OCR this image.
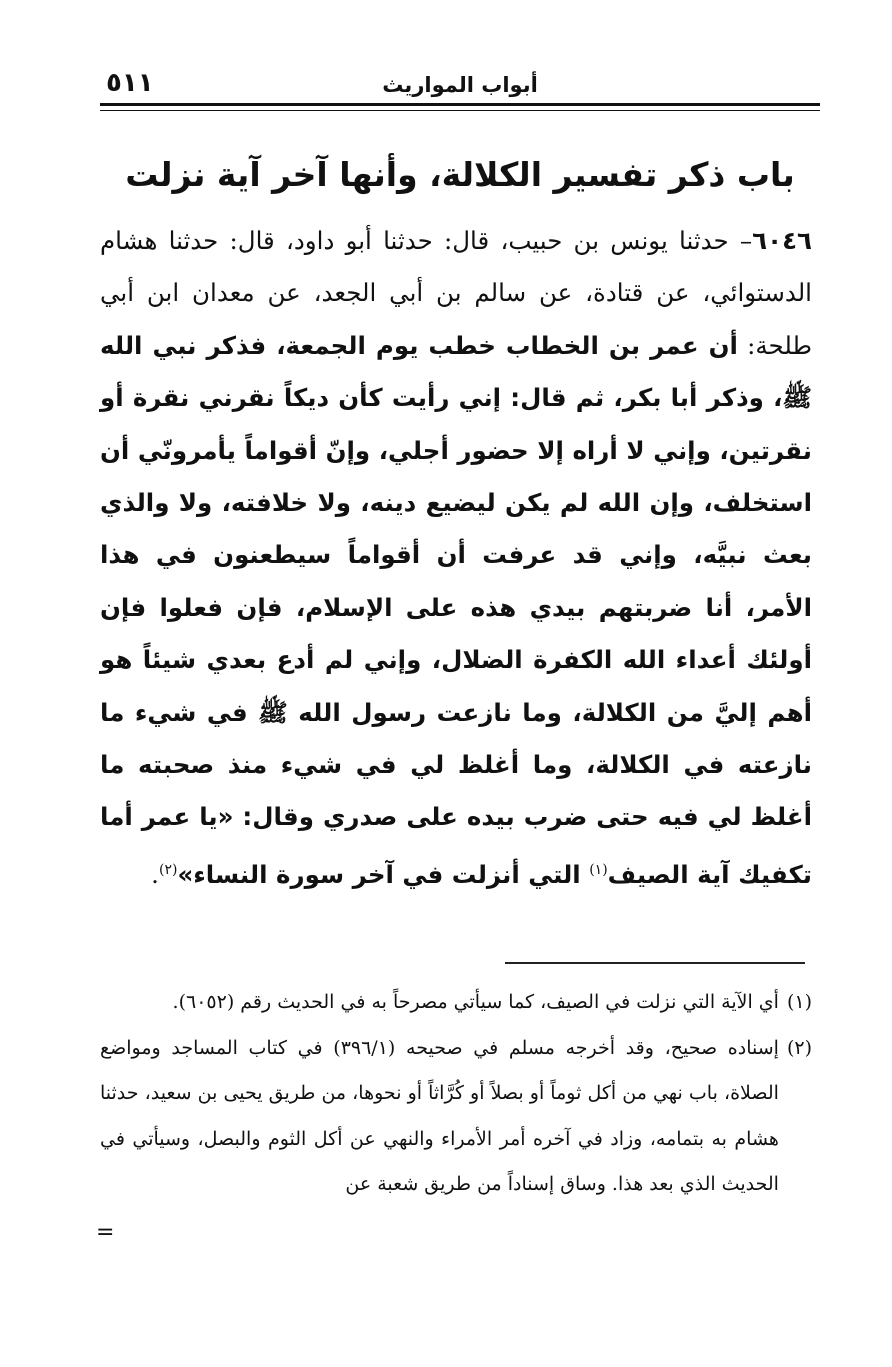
أبواب المواريث
٥١١
باب ذكر تفسير الكلالة، وأنها آخر آية نزلت
٦٠٤٦– حدثنا يونس بن حبيب، قال: حدثنا أبو داود، قال: حدثنا هشام الدستوائي، عن قتادة، عن سالم بن أبي الجعد، عن معدان ابن أبي طلحة: أن عمر بن الخطاب خطب يوم الجمعة، فذكر نبي الله ﷺ، وذكر أبا بكر، ثم قال: إني رأيت كأن ديكاً نقرني نقرة أو نقرتين، وإني لا أراه إلا حضور أجلي، وإنّ أقواماً يأمرونّي أن استخلف، وإن الله لم يكن ليضيع دينه، ولا خلافته، ولا والذي بعث نبيَّه، وإني قد عرفت أن أقواماً سيطعنون في هذا الأمر، أنا ضربتهم بيدي هذه على الإسلام، فإن فعلوا فإن أولئك أعداء الله الكفرة الضلال، وإني لم أدع بعدي شيئاً هو أهم إليَّ من الكلالة، وما نازعت رسول الله ﷺ في شيء ما نازعته في الكلالة، وما أغلظ لي في شيء منذ صحبته ما أغلظ لي فيه حتى ضرب بيده على صدري وقال: «يا عمر أما تكفيك آية الصيف$^{(١)}$ التي أنزلت في آخر سورة النساء»$^{(٢)}$.
(١)
أي الآية التي نزلت في الصيف، كما سيأتي مصرحاً به في الحديث رقم (٦٠٥٢).
(٢)
إسناده صحيح، وقد أخرجه مسلم في صحيحه (٣٩٦/١) في كتاب المساجد ومواضع الصلاة، باب نهي من أكل ثوماً أو بصلاً أو كُرَّاثاً أو نحوها، من طريق يحيى بن سعيد، حدثنا هشام به بتمامه، وزاد في آخره أمر الأمراء والنهي عن أكل الثوم والبصل، وسيأتي في الحديث الذي بعد هذا. وساق إسناداً من طريق شعبة عن
=
